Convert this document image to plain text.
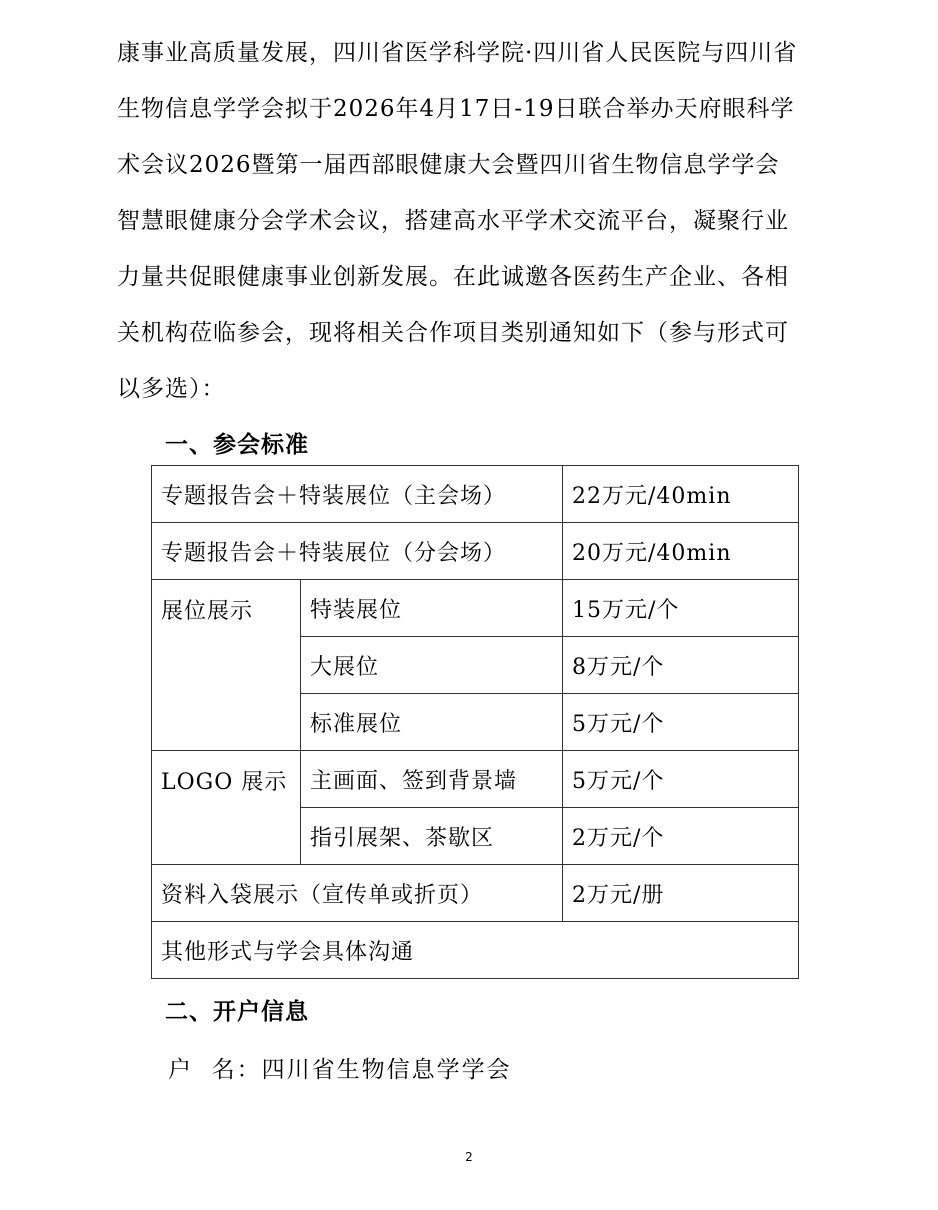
康事业高质量发展，四川省医学科学院·四川省人民医院与四川省
生物信息学学会拟于2026年4月17日-19日联合举办天府眼科学
术会议2026暨第一届西部眼健康大会暨四川省生物信息学学会
智慧眼健康分会学术会议，搭建高水平学术交流平台，凝聚行业
力量共促眼健康事业创新发展。在此诚邀各医药生产企业、各相
关机构莅临参会，现将相关合作项目类别通知如下（参与形式可
以多选）：
一、参会标准
专题报告会＋特装展位（主会场）		22万元/40min
专题报告会＋特装展位（分会场）		20万元/40min
展位展示	特装展位	15万元/个
	大展位	8万元/个
	标准展位	5万元/个
LOGO 展示	主画面、签到背景墙	5万元/个
	指引展架、茶歇区	2万元/个
资料入袋展示（宣传单或折页）		2万元/册
其他形式与学会具体沟通		
二、开户信息

户  名：四川省生物信息学学会

2
